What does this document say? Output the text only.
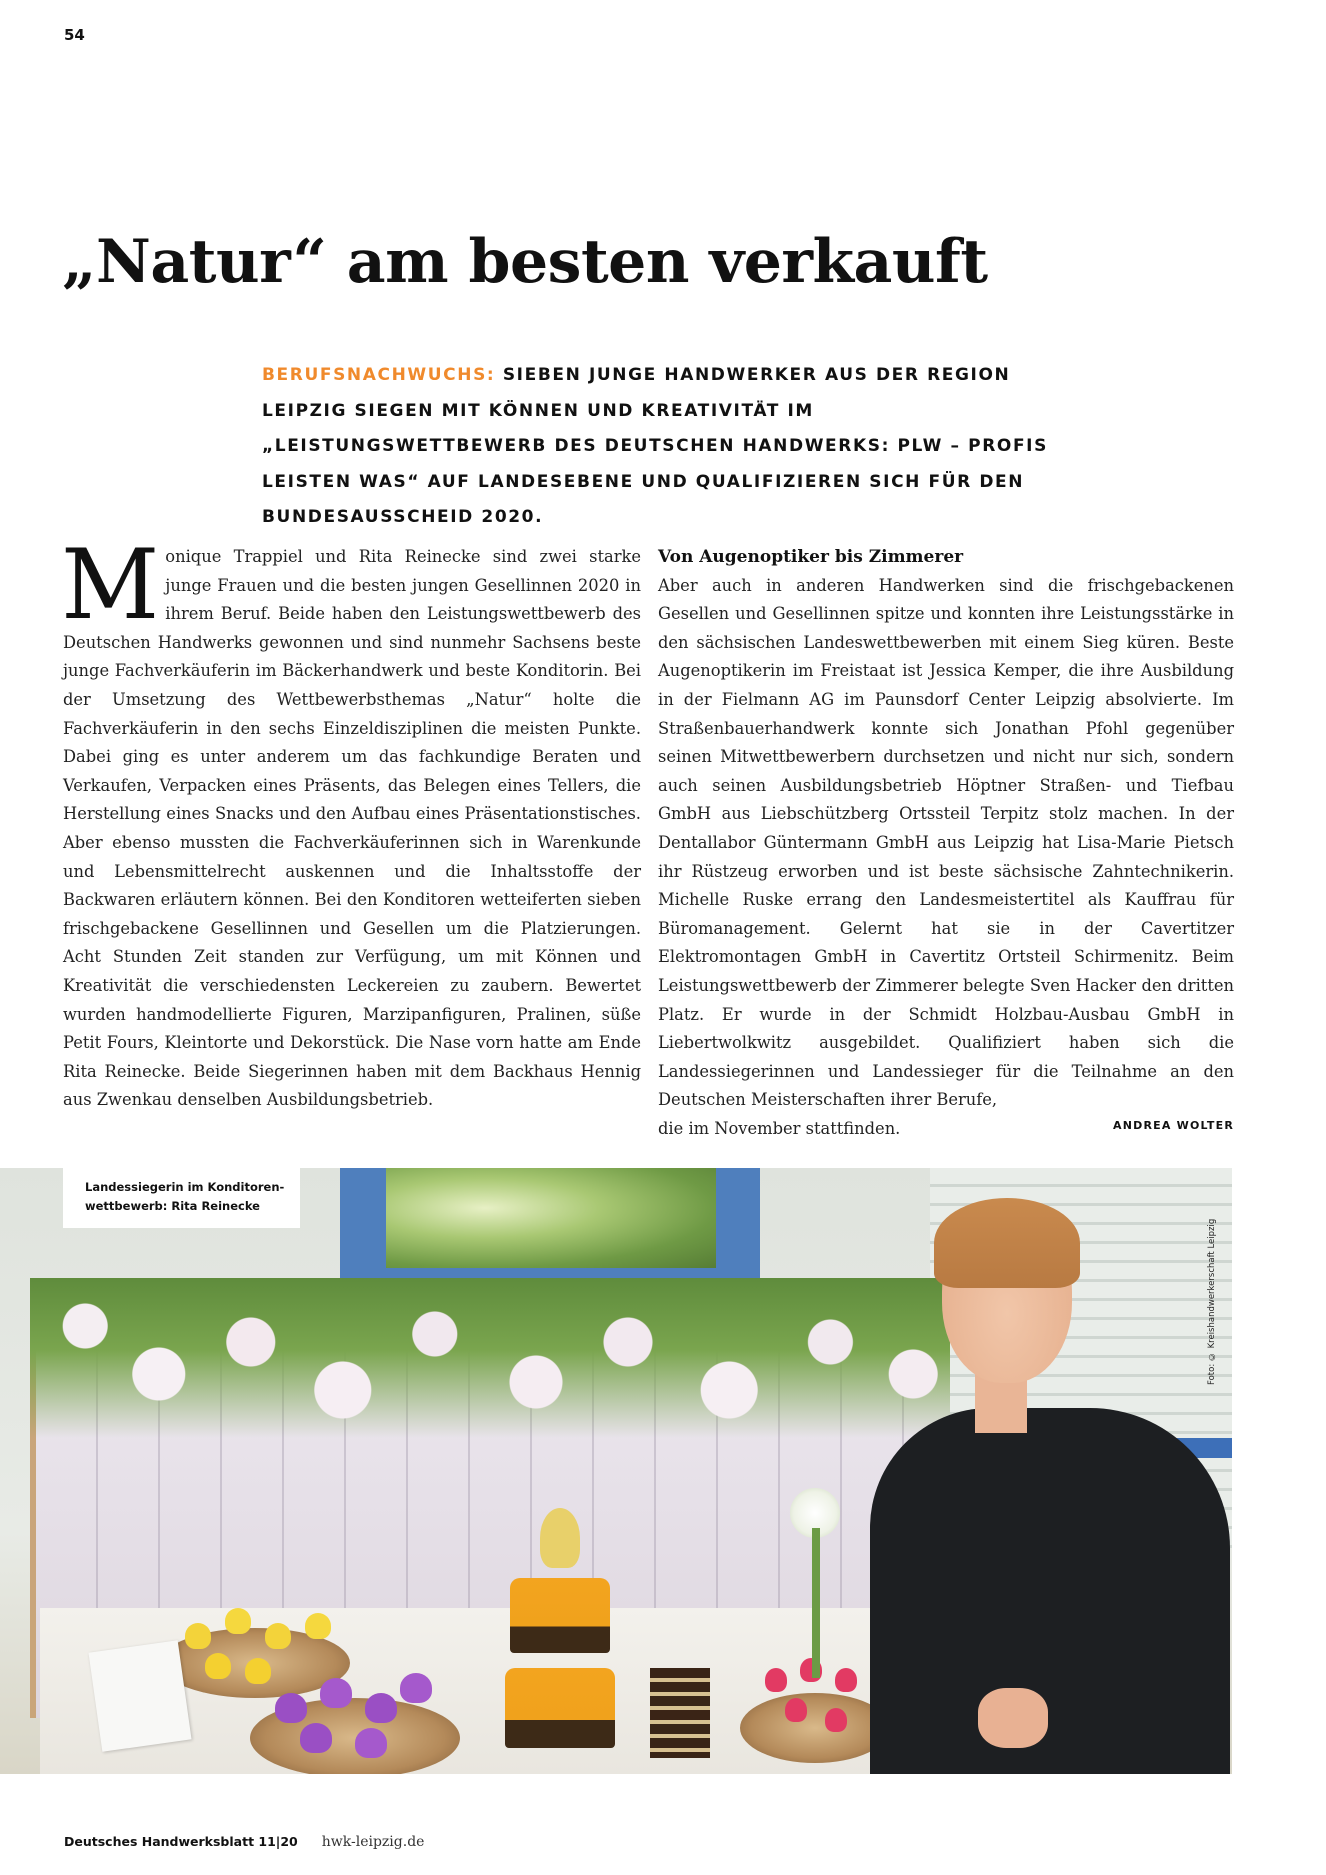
54
„Natur“ am besten verkauft
BERUFSNACHWUCHS: SIEBEN JUNGE HANDWERKER AUS DER REGION LEIPZIG SIEGEN MIT KÖNNEN UND KREATIVITÄT IM „LEISTUNGSWETTBEWERB DES DEUTSCHEN HANDWERKS: PLW – PROFIS LEISTEN WAS“ AUF LANDESEBENE UND QUALIFIZIEREN SICH FÜR DEN BUNDESAUSSCHEID 2020.
M onique Trappiel und Rita Reinecke sind zwei starke junge Frauen und die besten jungen Gesellinnen 2020 in ihrem Beruf. Beide haben den Leistungswettbewerb des Deutschen Handwerks gewonnen und sind nunmehr Sachsens beste junge Fachverkäuferin im Bäckerhandwerk und beste Konditorin. Bei der Umsetzung des Wettbewerbsthemas „Natur“ holte die Fachverkäuferin in den sechs Einzeldisziplinen die meisten Punkte. Dabei ging es unter anderem um das fachkundige Beraten und Verkaufen, Verpacken eines Präsents, das Belegen eines Tellers, die Herstellung eines Snacks und den Aufbau eines Präsentationstisches. Aber ebenso mussten die Fachverkäuferinnen sich in Warenkunde und Lebensmittelrecht auskennen und die Inhaltsstoffe der Backwaren erläutern können. Bei den Konditoren wetteiferten sieben frischgebackene Gesellinnen und Gesellen um die Platzierungen. Acht Stunden Zeit standen zur Verfügung, um mit Können und Kreativität die verschiedensten Leckereien zu zaubern. Bewertet wurden handmodellierte Figuren, Marzipanfiguren, Pralinen, süße Petit Fours, Kleintorte und Dekorstück. Die Nase vorn hatte am Ende Rita Reinecke. Beide Siegerinnen haben mit dem Backhaus Hennig aus Zwenkau denselben Ausbildungsbetrieb.
Von Augenoptiker bis Zimmerer
Aber auch in anderen Handwerken sind die frischgebackenen Gesellen und Gesellinnen spitze und konnten ihre Leistungsstärke in den sächsischen Landeswettbewerben mit einem Sieg küren. Beste Augenoptikerin im Freistaat ist Jessica Kemper, die ihre Ausbildung in der Fielmann AG im Paunsdorf Center Leipzig absolvierte. Im Straßenbauerhandwerk konnte sich Jonathan Pfohl gegenüber seinen Mitwettbewerbern durchsetzen und nicht nur sich, sondern auch seinen Ausbildungsbetrieb Höptner Straßen- und Tiefbau GmbH aus Liebschützberg Ortssteil Terpitz stolz machen. In der Dentallabor Güntermann GmbH aus Leipzig hat Lisa-Marie Pietsch ihr Rüstzeug erworben und ist beste sächsische Zahntechnikerin. Michelle Ruske errang den Landesmeistertitel als Kauffrau für Büromanagement. Gelernt hat sie in der Cavertitzer Elektromontagen GmbH in Cavertitz Ortsteil Schirmenitz. Beim Leistungswettbewerb der Zimmerer belegte Sven Hacker den dritten Platz. Er wurde in der Schmidt Holzbau-Ausbau GmbH in Liebertwolkwitz ausgebildet. Qualifiziert haben sich die Landessiegerinnen und Landessieger für die Teilnahme an den Deutschen Meisterschaften ihrer Berufe,
die im November stattfinden.	ANDREA WOLTER
Landessiegerin im Konditorenwettbewerb: Rita Reinecke
Foto: © Kreishandwerkerschaft Leipzig
Deutsches Handwerksblatt 11|20 hwk-leipzig.de
